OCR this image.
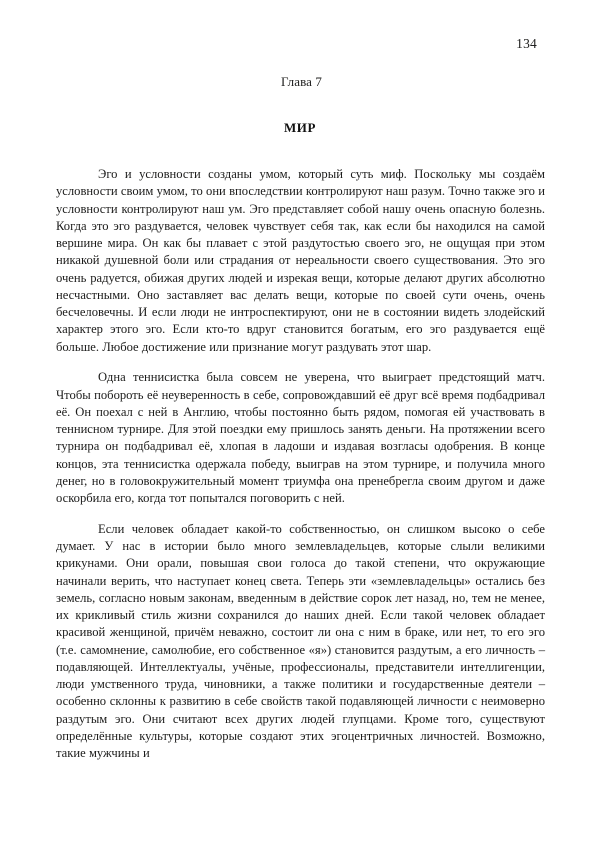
134
Глава 7
МИР

Эго и условности созданы умом, который суть миф. Поскольку мы создаём условности своим умом, то они впоследствии контролируют наш разум. Точно также эго и условности контролируют наш ум. Эго представляет собой нашу очень опасную болезнь. Когда это эго раздувается, человек чувствует себя так, как если бы находился на самой вершине мира. Он как бы плавает с этой раздутостью своего эго, не ощущая при этом никакой душевной боли или страдания от нереальности своего существования. Это эго очень радуется, обижая других людей и изрекая вещи, которые делают других абсолютно несчастными. Оно заставляет вас делать вещи, которые по своей сути очень, очень бесчеловечны. И если люди не интроспектируют, они не в состоянии видеть злодейский характер этого эго. Если кто-то вдруг становится богатым, его эго раздувается ещё больше. Любое достижение или признание могут раздувать этот шар.

Одна теннисистка была совсем не уверена, что выиграет предстоящий матч. Чтобы побороть её неуверенность в себе, сопровождавший её друг всё время подбадривал её. Он поехал с ней в Англию, чтобы постоянно быть рядом, помогая ей участвовать в теннисном турнире. Для этой поездки ему пришлось занять деньги. На протяжении всего турнира он подбадривал её, хлопая в ладоши и издавая возгласы одобрения. В конце концов, эта теннисистка одержала победу, выиграв на этом турнире, и получила много денег, но в головокружительный момент триумфа она пренебрегла своим другом и даже оскорбила его, когда тот попытался поговорить с ней.

Если человек обладает какой-то собственностью, он слишком высоко о себе думает. У нас в истории было много землевладельцев, которые слыли великими крикунами. Они орали, повышая свои голоса до такой степени, что окружающие начинали верить, что наступает конец света. Теперь эти «землевладельцы» остались без земель, согласно новым законам, введенным в действие сорок лет назад, но, тем не менее, их крикливый стиль жизни сохранился до наших дней. Если такой человек обладает красивой женщиной, причём неважно, состоит ли она с ним в браке, или нет, то его эго (т.е. самомнение, самолюбие, его собственное «я») становится раздутым, а его личность – подавляющей. Интеллектуалы, учёные, профессионалы, представители интеллигенции, люди умственного труда, чиновники, а также политики и государственные деятели – особенно склонны к развитию в себе свойств такой подавляющей личности с неимоверно раздутым эго. Они считают всех других людей глупцами. Кроме того, существуют определённые культуры, которые создают этих эгоцентричных личностей. Возможно, такие мужчины и
